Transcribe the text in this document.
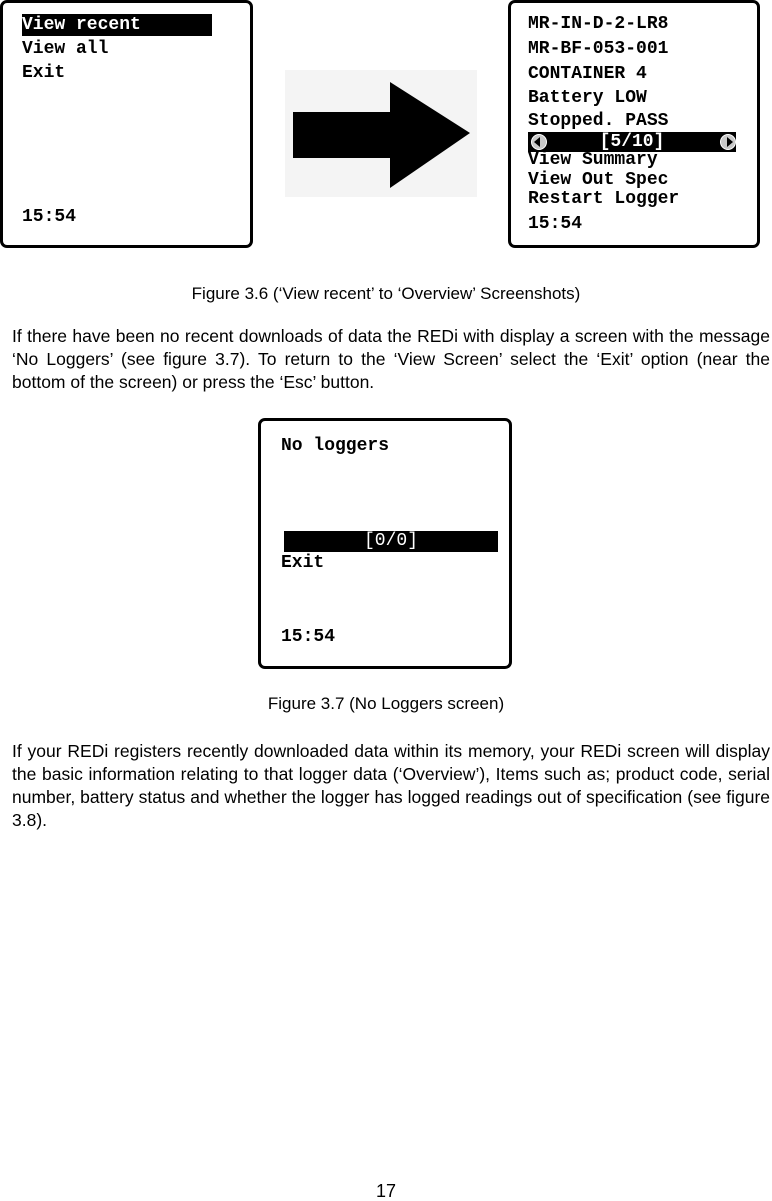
View recent
View all
Exit
15:54
MR-IN-D-2-LR8
MR-BF-053-001
CONTAINER 4
Battery LOW
Stopped. PASS
[5/10]
View Summary
View Out Spec
Restart Logger
15:54
Figure 3.6 (‘View recent’ to ‘Overview’ Screenshots)
If there have been no recent downloads of data the REDi with display a screen with the message ‘No Loggers’ (see figure 3.7). To return to the ‘View Screen’ select the ‘Exit’ option (near the bottom of the screen) or press the ‘Esc’ button.
No loggers
[0/0]
Exit
15:54
Figure 3.7 (No Loggers screen)
If your REDi registers recently downloaded data within its memory, your REDi screen will display the basic information relating to that logger data (‘Overview’), Items such as; product code, serial number, battery status and whether the logger has logged readings out of specification (see figure 3.8).
17
